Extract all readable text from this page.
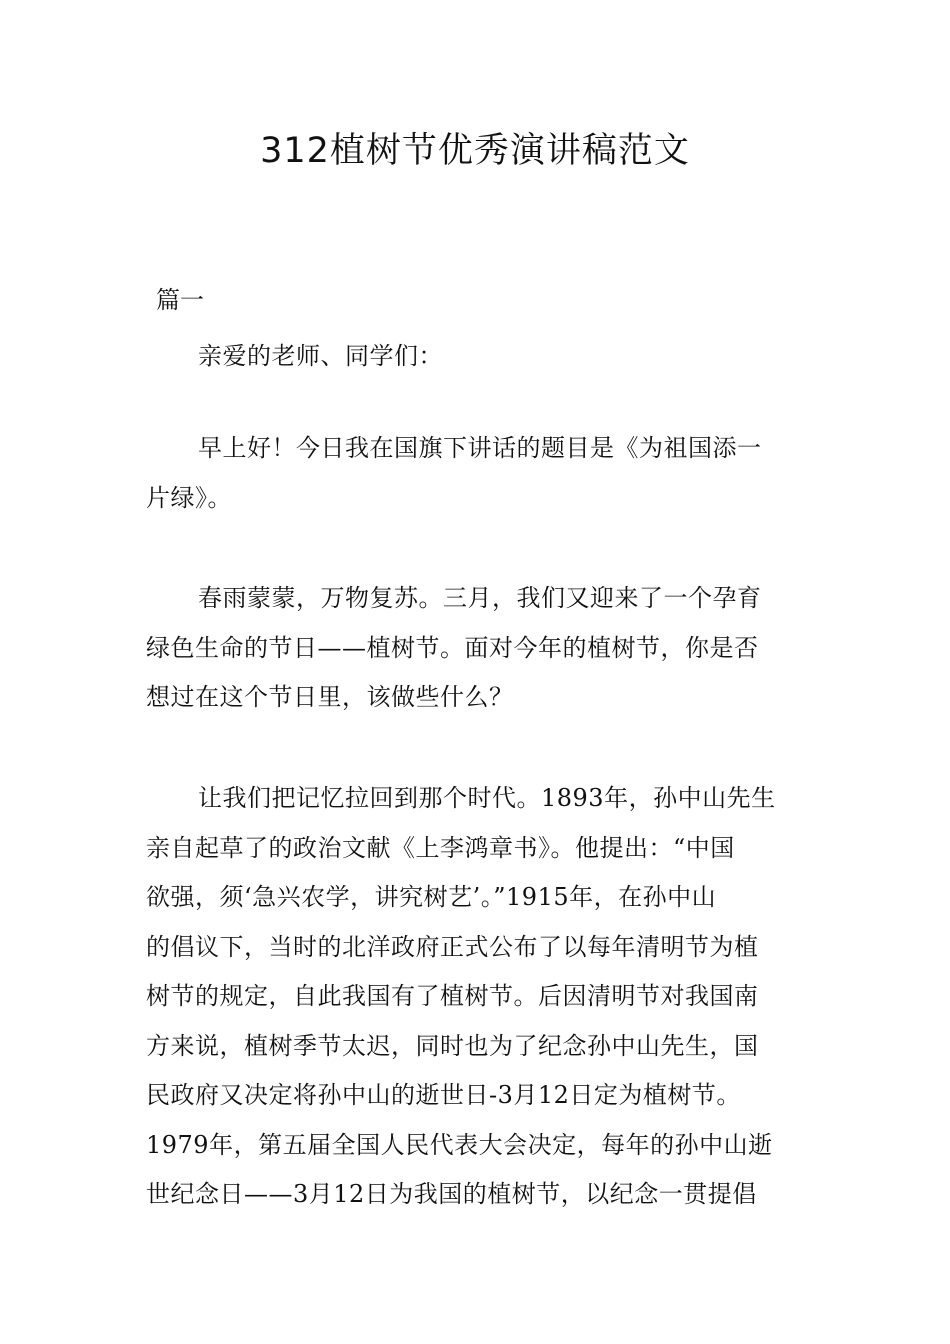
312植树节优秀演讲稿范文

篇一

亲爱的老师、同学们：

早上好！今日我在国旗下讲话的题目是《为祖国添一
片绿》。
春雨蒙蒙，万物复苏。三月，我们又迎来了一个孕育
绿色生命的节日——植树节。面对今年的植树节，你是否
想过在这个节日里，该做些什么？
让我们把记忆拉回到那个时代。1893年，孙中山先生
亲自起草了的政治文献《上李鸿章书》。他提出：“中国
欲强，须‘急兴农学，讲究树艺’。”1915年，在孙中山
的倡议下，当时的北洋政府正式公布了以每年清明节为植
树节的规定，自此我国有了植树节。后因清明节对我国南
方来说，植树季节太迟，同时也为了纪念孙中山先生，国
民政府又决定将孙中山的逝世日-3月12日定为植树节。
1979年，第五届全国人民代表大会决定，每年的孙中山逝
世纪念日——3月12日为我国的植树节，以纪念一贯提倡
